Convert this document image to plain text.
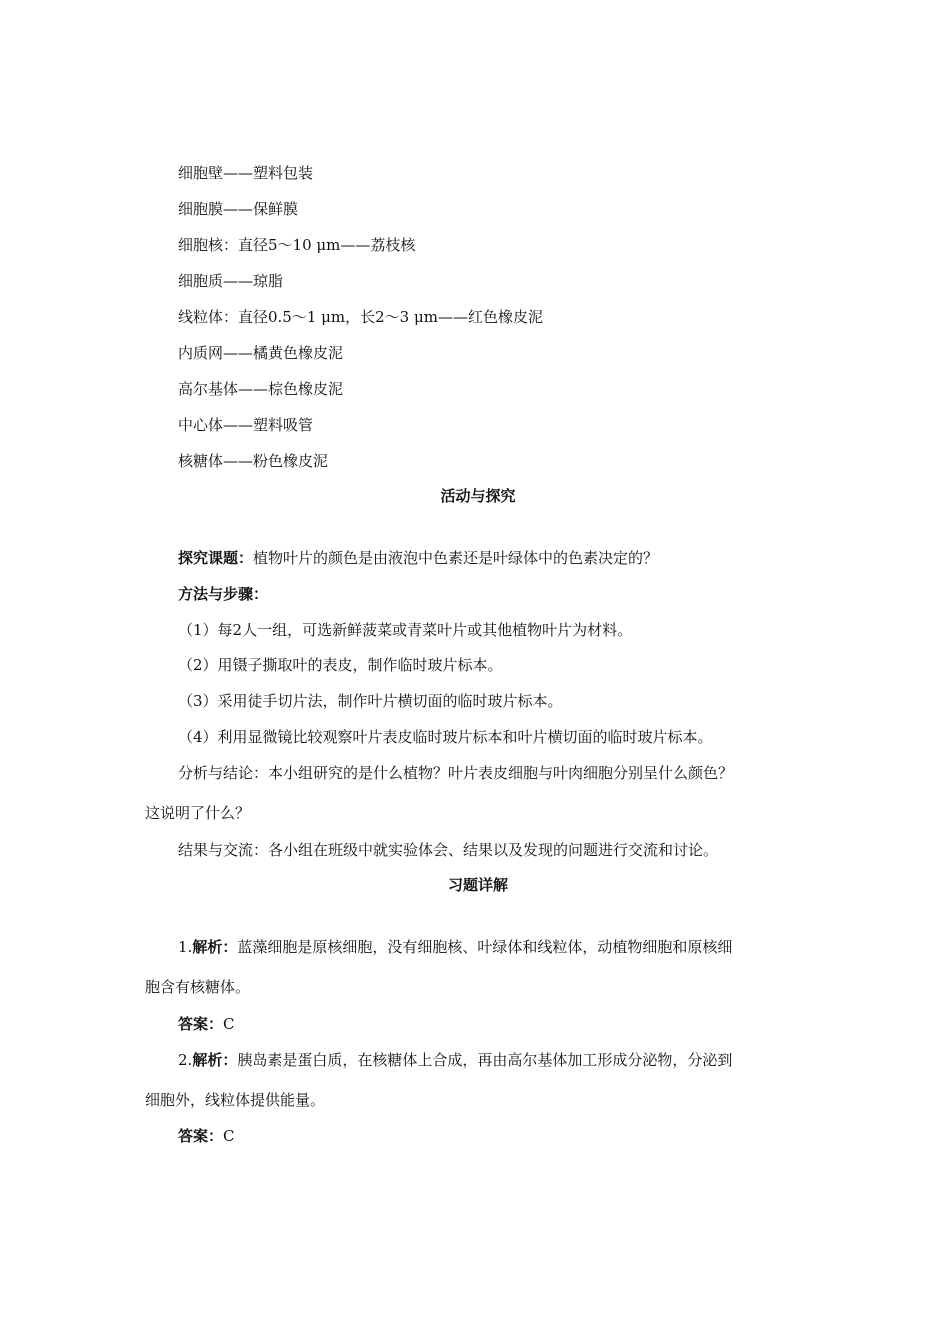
细胞壁——塑料包装
细胞膜——保鲜膜
细胞核：直径5～10 μm——荔枝核
细胞质——琼脂
线粒体：直径0.5～1 μm，长2～3 μm——红色橡皮泥
内质网——橘黄色橡皮泥
高尔基体——棕色橡皮泥
中心体——塑料吸管
核糖体——粉色橡皮泥
活动与探究
探究课题：植物叶片的颜色是由液泡中色素还是叶绿体中的色素决定的？
方法与步骤：
（1）每2人一组，可选新鲜菠菜或青菜叶片或其他植物叶片为材料。
（2）用镊子撕取叶的表皮，制作临时玻片标本。
（3）采用徒手切片法，制作叶片横切面的临时玻片标本。
（4）利用显微镜比较观察叶片表皮临时玻片标本和叶片横切面的临时玻片标本。
分析与结论：本小组研究的是什么植物？叶片表皮细胞与叶肉细胞分别呈什么颜色？
这说明了什么？
结果与交流：各小组在班级中就实验体会、结果以及发现的问题进行交流和讨论。
习题详解
1.解析：蓝藻细胞是原核细胞，没有细胞核、叶绿体和线粒体，动植物细胞和原核细
胞含有核糖体。
答案：C
2.解析：胰岛素是蛋白质，在核糖体上合成，再由高尔基体加工形成分泌物，分泌到
细胞外，线粒体提供能量。
答案：C
